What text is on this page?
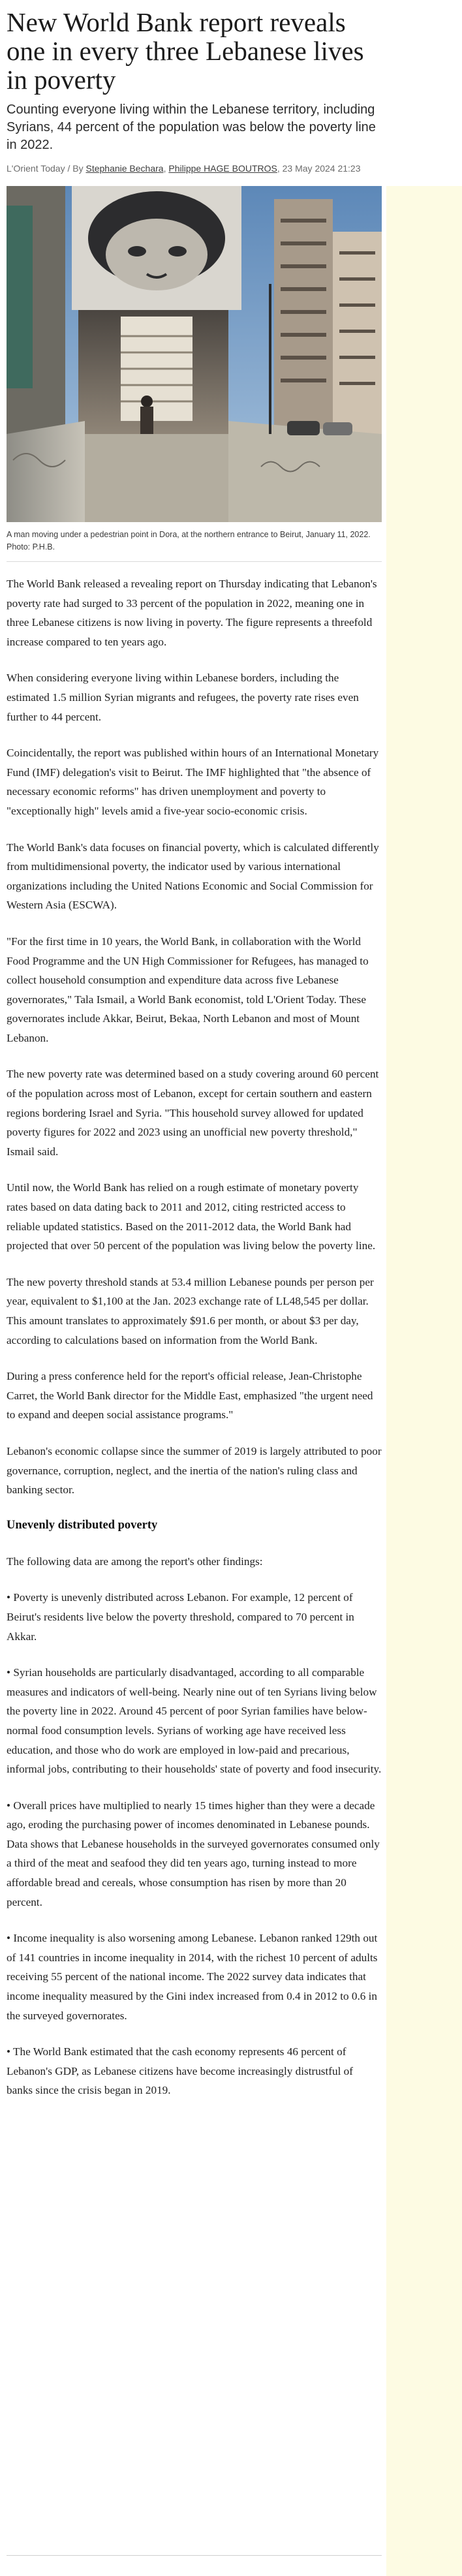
New World Bank report reveals one in every three Lebanese lives in poverty

Counting everyone living within the Lebanese territory, including Syrians, 44 percent of the population was below the poverty line in 2022.

L'Orient Today / By Stephanie Bechara, Philippe HAGE BOUTROS, 23 May 2024 21:23

A man moving under a pedestrian point in Dora, at the northern entrance to Beirut, January 11, 2022. Photo: P.H.B.

The World Bank released a revealing report on Thursday indicating that Lebanon's poverty rate had surged to 33 percent of the population in 2022, meaning one in three Lebanese citizens is now living in poverty. The figure represents a threefold increase compared to ten years ago.

When considering everyone living within Lebanese borders, including the estimated 1.5 million Syrian migrants and refugees, the poverty rate rises even further to 44 percent.

Coincidentally, the report was published within hours of an International Monetary Fund (IMF) delegation's visit to Beirut. The IMF highlighted that "the absence of necessary economic reforms" has driven unemployment and poverty to "exceptionally high" levels amid a five-year socio-economic crisis.

The World Bank's data focuses on financial poverty, which is calculated differently from multidimensional poverty, the indicator used by various international organizations including the United Nations Economic and Social Commission for Western Asia (ESCWA).

"For the first time in 10 years, the World Bank, in collaboration with the World Food Programme and the UN High Commissioner for Refugees, has managed to collect household consumption and expenditure data across five Lebanese governorates," Tala Ismail, a World Bank economist, told L'Orient Today. These governorates include Akkar, Beirut, Bekaa, North Lebanon and most of Mount Lebanon.

The new poverty rate was determined based on a study covering around 60 percent of the population across most of Lebanon, except for certain southern and eastern regions bordering Israel and Syria. "This household survey allowed for updated poverty figures for 2022 and 2023 using an unofficial new poverty threshold," Ismail said.

Until now, the World Bank has relied on a rough estimate of monetary poverty rates based on data dating back to 2011 and 2012, citing restricted access to reliable updated statistics. Based on the 2011-2012 data, the World Bank had projected that over 50 percent of the population was living below the poverty line.

The new poverty threshold stands at 53.4 million Lebanese pounds per person per year, equivalent to $1,100 at the Jan. 2023 exchange rate of LL48,545 per dollar. This amount translates to approximately $91.6 per month, or about $3 per day, according to calculations based on information from the World Bank.

During a press conference held for the report's official release, Jean-Christophe Carret, the World Bank director for the Middle East, emphasized "the urgent need to expand and deepen social assistance programs."

Lebanon's economic collapse since the summer of 2019 is largely attributed to poor governance, corruption, neglect, and the inertia of the nation's ruling class and banking sector.

Unevenly distributed poverty

The following data are among the report's other findings:

• Poverty is unevenly distributed across Lebanon. For example, 12 percent of Beirut's residents live below the poverty threshold, compared to 70 percent in Akkar.

• Syrian households are particularly disadvantaged, according to all comparable measures and indicators of well-being. Nearly nine out of ten Syrians living below the poverty line in 2022. Around 45 percent of poor Syrian families have below-normal food consumption levels. Syrians of working age have received less education, and those who do work are employed in low-paid and precarious, informal jobs, contributing to their households' state of poverty and food insecurity.

• Overall prices have multiplied to nearly 15 times higher than they were a decade ago, eroding the purchasing power of incomes denominated in Lebanese pounds. Data shows that Lebanese households in the surveyed governorates consumed only a third of the meat and seafood they did ten years ago, turning instead to more affordable bread and cereals, whose consumption has risen by more than 20 percent.

• Income inequality is also worsening among Lebanese. Lebanon ranked 129th out of 141 countries in income inequality in 2014, with the richest 10 percent of adults receiving 55 percent of the national income. The 2022 survey data indicates that income inequality measured by the Gini index increased from 0.4 in 2012 to 0.6 in the surveyed governorates.

• The World Bank estimated that the cash economy represents 46 percent of Lebanon's GDP, as Lebanese citizens have become increasingly distrustful of banks since the crisis began in 2019.
